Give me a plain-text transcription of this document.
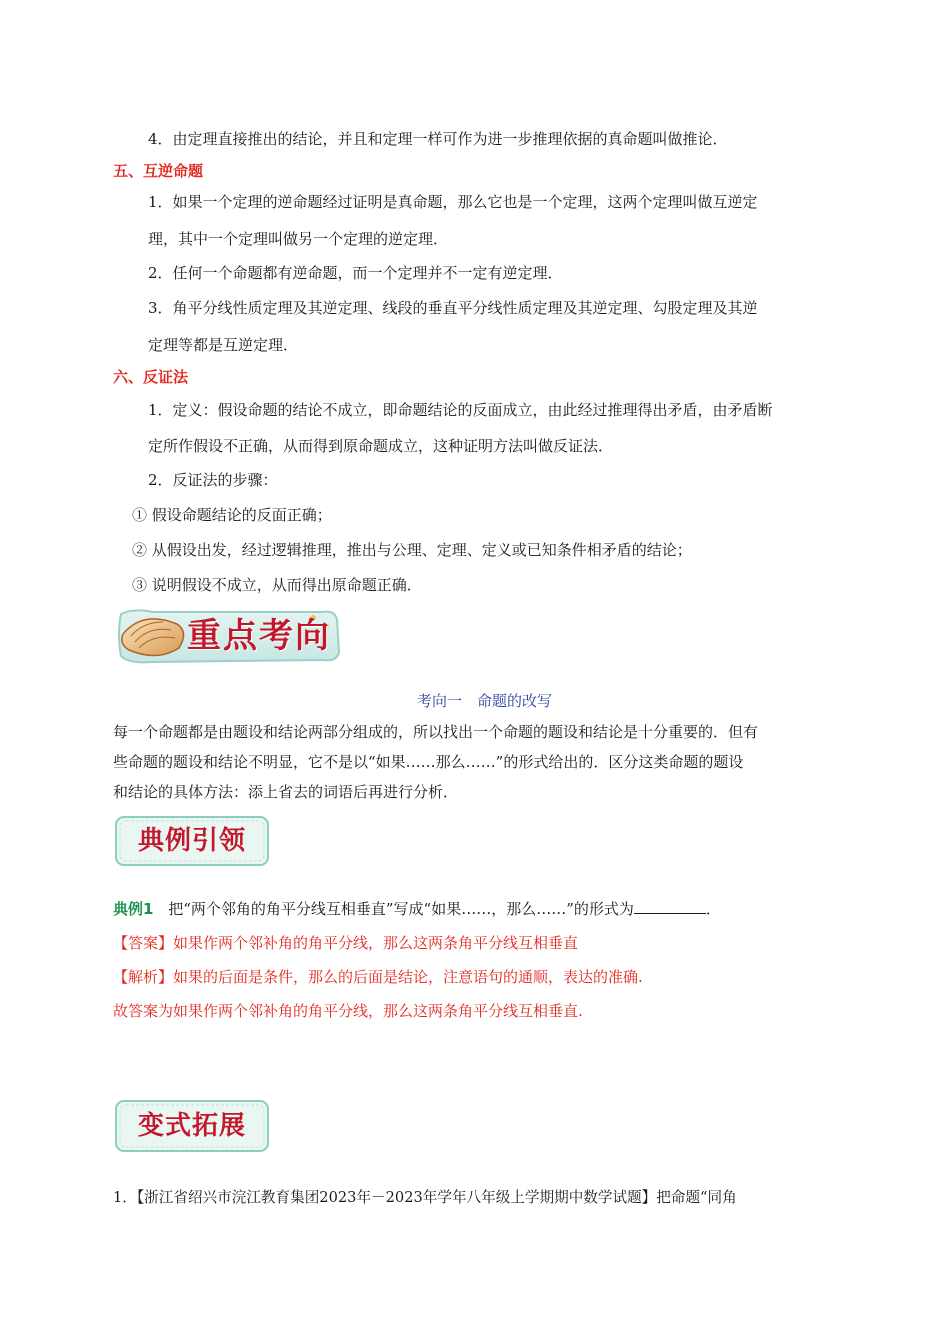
4．由定理直接推出的结论，并且和定理一样可作为进一步推理依据的真命题叫做推论．
五、互逆命题
1．如果一个定理的逆命题经过证明是真命题，那么它也是一个定理，这两个定理叫做互逆定
理，其中一个定理叫做另一个定理的逆定理．
2．任何一个命题都有逆命题，而一个定理并不一定有逆定理．
3．角平分线性质定理及其逆定理、线段的垂直平分线性质定理及其逆定理、勾股定理及其逆
定理等都是互逆定理．
六、反证法
1．定义：假设命题的结论不成立，即命题结论的反面成立，由此经过推理得出矛盾，由矛盾断
定所作假设不正确，从而得到原命题成立，这种证明方法叫做反证法．
2．反证法的步骤：
① 假设命题结论的反面正确；
② 从假设出发，经过逻辑推理，推出与公理、定理、定义或已知条件相矛盾的结论；
③ 说明假设不成立，从而得出原命题正确．
重点考向
考向一　命题的改写
每一个命题都是由题设和结论两部分组成的，所以找出一个命题的题设和结论是十分重要的．但有
些命题的题设和结论不明显，它不是以“如果……那么……”的形式给出的．区分这类命题的题设
和结论的具体方法：添上省去的词语后再进行分析．
典例引领
典例1 把“两个邻角的角平分线互相垂直”写成“如果……，那么……”的形式为	．
【答案】如果作两个邻补角的角平分线，那么这两条角平分线互相垂直
【解析】如果的后面是条件，那么的后面是结论，注意语句的通顺，表达的准确.
故答案为如果作两个邻补角的角平分线，那么这两条角平分线互相垂直.
变式拓展
1．【浙江省绍兴市浣江教育集团2023年－2023年学年八年级上学期期中数学试题】把命题“同角
